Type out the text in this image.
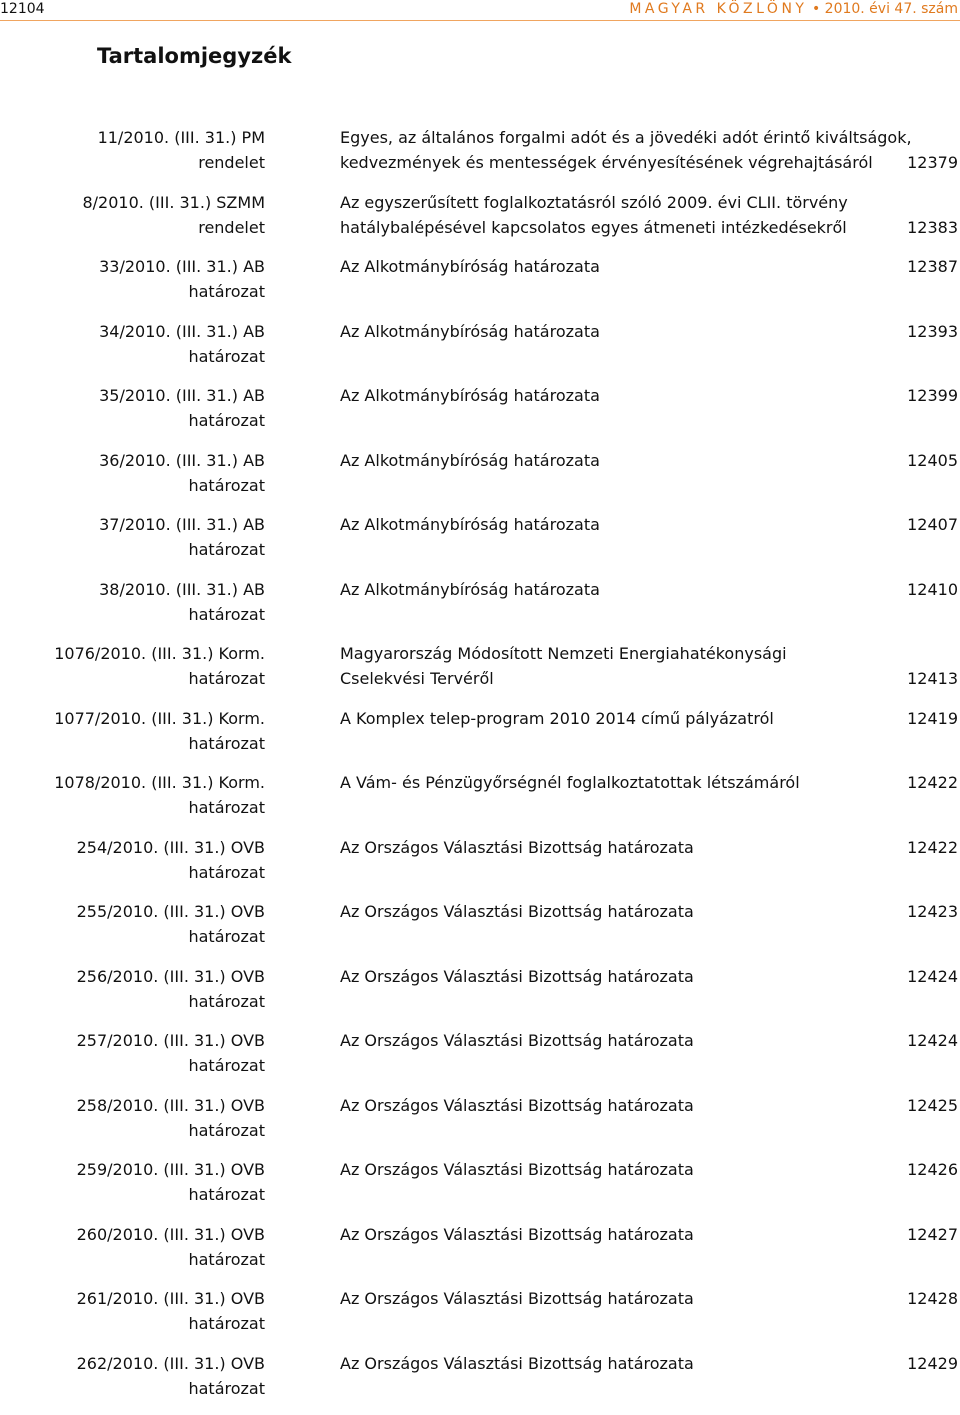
12104	MAGYAR KÖZLÖNY • 2010. évi 47. szám
Tartalomjegyzék
11/2010. (III. 31.) PM
rendelet
Egyes, az általános forgalmi adót és a jövedéki adót érintő kiváltságok,
kedvezmények és mentességek érvényesítésének végrehajtásáról	12379
8/2010. (III. 31.) SZMM
rendelet
Az egyszerűsített foglalkoztatásról szóló 2009. évi CLII. törvény
hatálybalépésével kapcsolatos egyes átmeneti intézkedésekről	12383
33/2010. (III. 31.) AB
határozat
Az Alkotmánybíróság határozata	12387
34/2010. (III. 31.) AB
határozat
Az Alkotmánybíróság határozata	12393
35/2010. (III. 31.) AB
határozat
Az Alkotmánybíróság határozata	12399
36/2010. (III. 31.) AB
határozat
Az Alkotmánybíróság határozata	12405
37/2010. (III. 31.) AB
határozat
Az Alkotmánybíróság határozata	12407
38/2010. (III. 31.) AB
határozat
Az Alkotmánybíróság határozata	12410
1076/2010. (III. 31.) Korm.
határozat
Magyarország Módosított Nemzeti Energiahatékonysági
Cselekvési Tervéről	12413
1077/2010. (III. 31.) Korm.
határozat
A Komplex telep-program 2010 2014 című pályázatról	12419
1078/2010. (III. 31.) Korm.
határozat
A Vám- és Pénzügyőrségnél foglalkoztatottak létszámáról	12422
254/2010. (III. 31.) OVB
határozat
Az Országos Választási Bizottság határozata	12422
255/2010. (III. 31.) OVB
határozat
Az Országos Választási Bizottság határozata	12423
256/2010. (III. 31.) OVB
határozat
Az Országos Választási Bizottság határozata	12424
257/2010. (III. 31.) OVB
határozat
Az Országos Választási Bizottság határozata	12424
258/2010. (III. 31.) OVB
határozat
Az Országos Választási Bizottság határozata	12425
259/2010. (III. 31.) OVB
határozat
Az Országos Választási Bizottság határozata	12426
260/2010. (III. 31.) OVB
határozat
Az Országos Választási Bizottság határozata	12427
261/2010. (III. 31.) OVB
határozat
Az Országos Választási Bizottság határozata	12428
262/2010. (III. 31.) OVB
határozat
Az Országos Választási Bizottság határozata	12429
